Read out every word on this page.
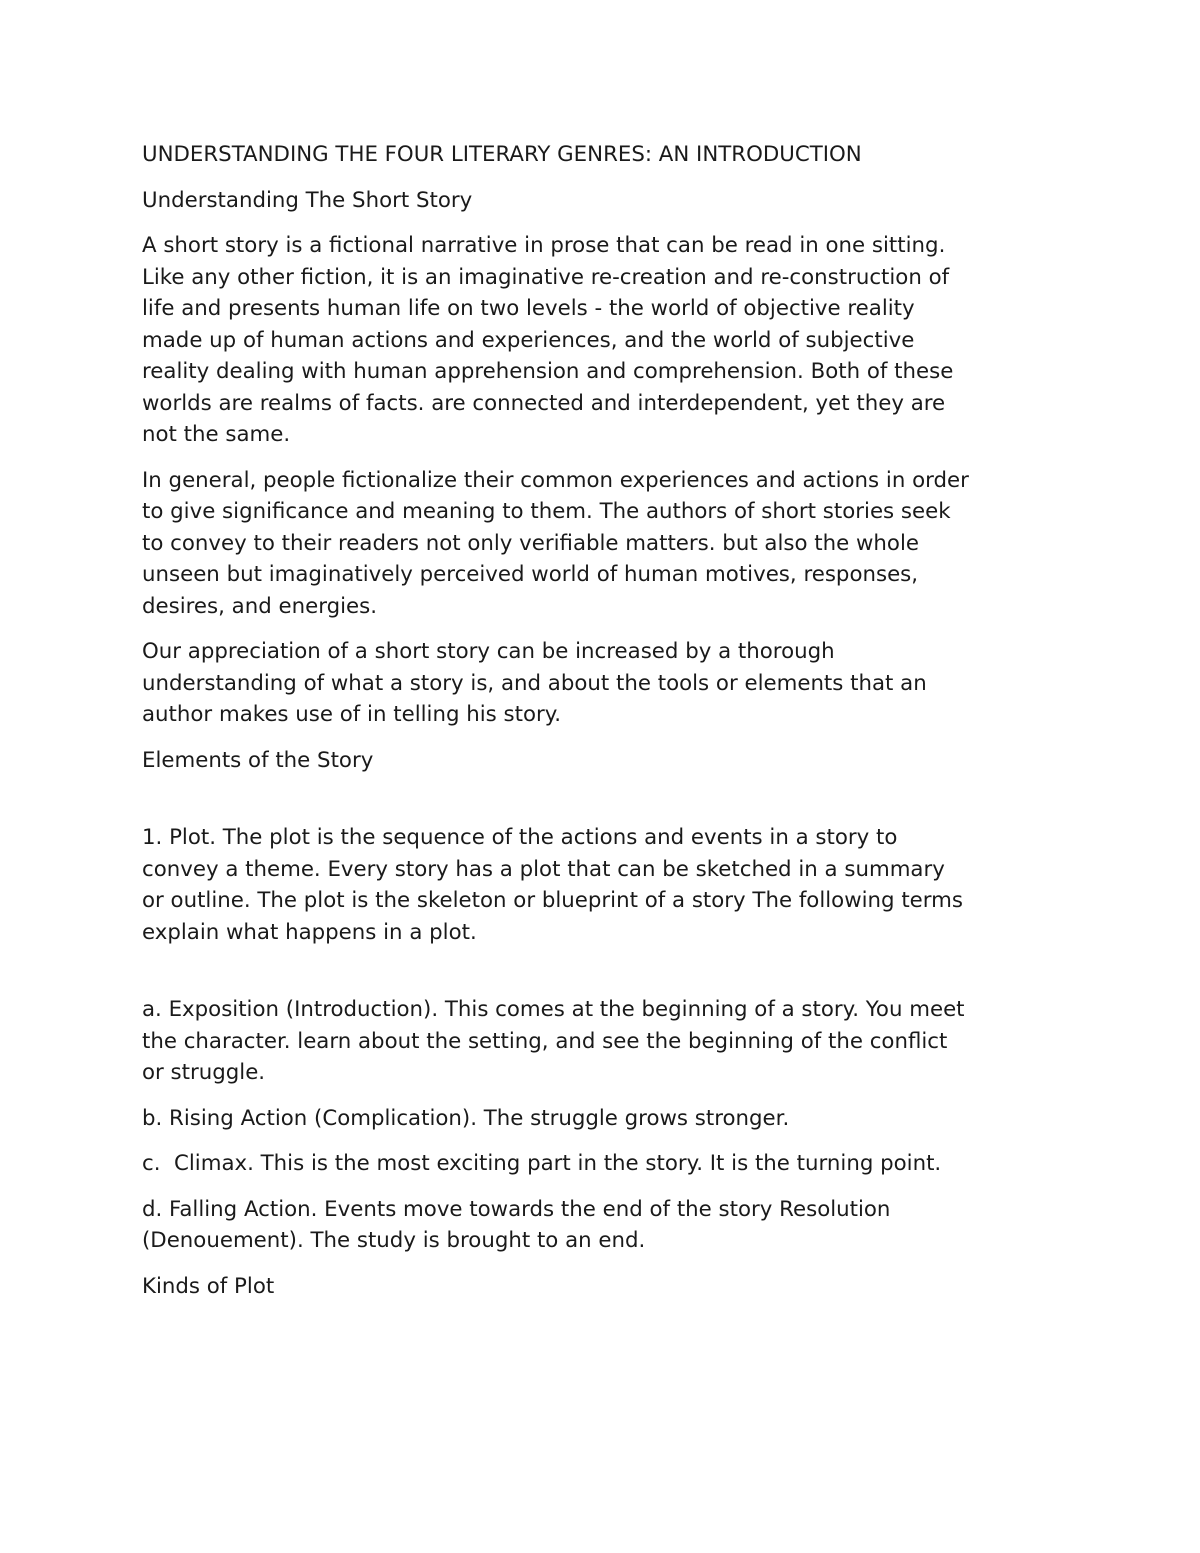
UNDERSTANDING THE FOUR LITERARY GENRES: AN INTRODUCTION

Understanding The Short Story

A short story is a fictional narrative in prose that can be read in one sitting.
Like any other fiction, it is an imaginative re-creation and re-construction of
life and presents human life on two levels - the world of objective reality
made up of human actions and experiences, and the world of subjective
reality dealing with human apprehension and comprehension. Both of these
worlds are realms of facts. are connected and interdependent, yet they are
not the same.

In general, people fictionalize their common experiences and actions in order
to give significance and meaning to them. The authors of short stories seek
to convey to their readers not only verifiable matters. but also the whole
unseen but imaginatively perceived world of human motives, responses,
desires, and energies.

Our appreciation of a short story can be increased by a thorough
understanding of what a story is, and about the tools or elements that an
author makes use of in telling his story.

Elements of the Story

1. Plot. The plot is the sequence of the actions and events in a story to
convey a theme. Every story has a plot that can be sketched in a summary
or outline. The plot is the skeleton or blueprint of a story The following terms
explain what happens in a plot.

a. Exposition (Introduction). This comes at the beginning of a story. You meet
the character. learn about the setting, and see the beginning of the conflict
or struggle.

b. Rising Action (Complication). The struggle grows stronger.

c.  Climax. This is the most exciting part in the story. It is the turning point.

d. Falling Action. Events move towards the end of the story Resolution
(Denouement). The study is brought to an end.

Kinds of Plot
